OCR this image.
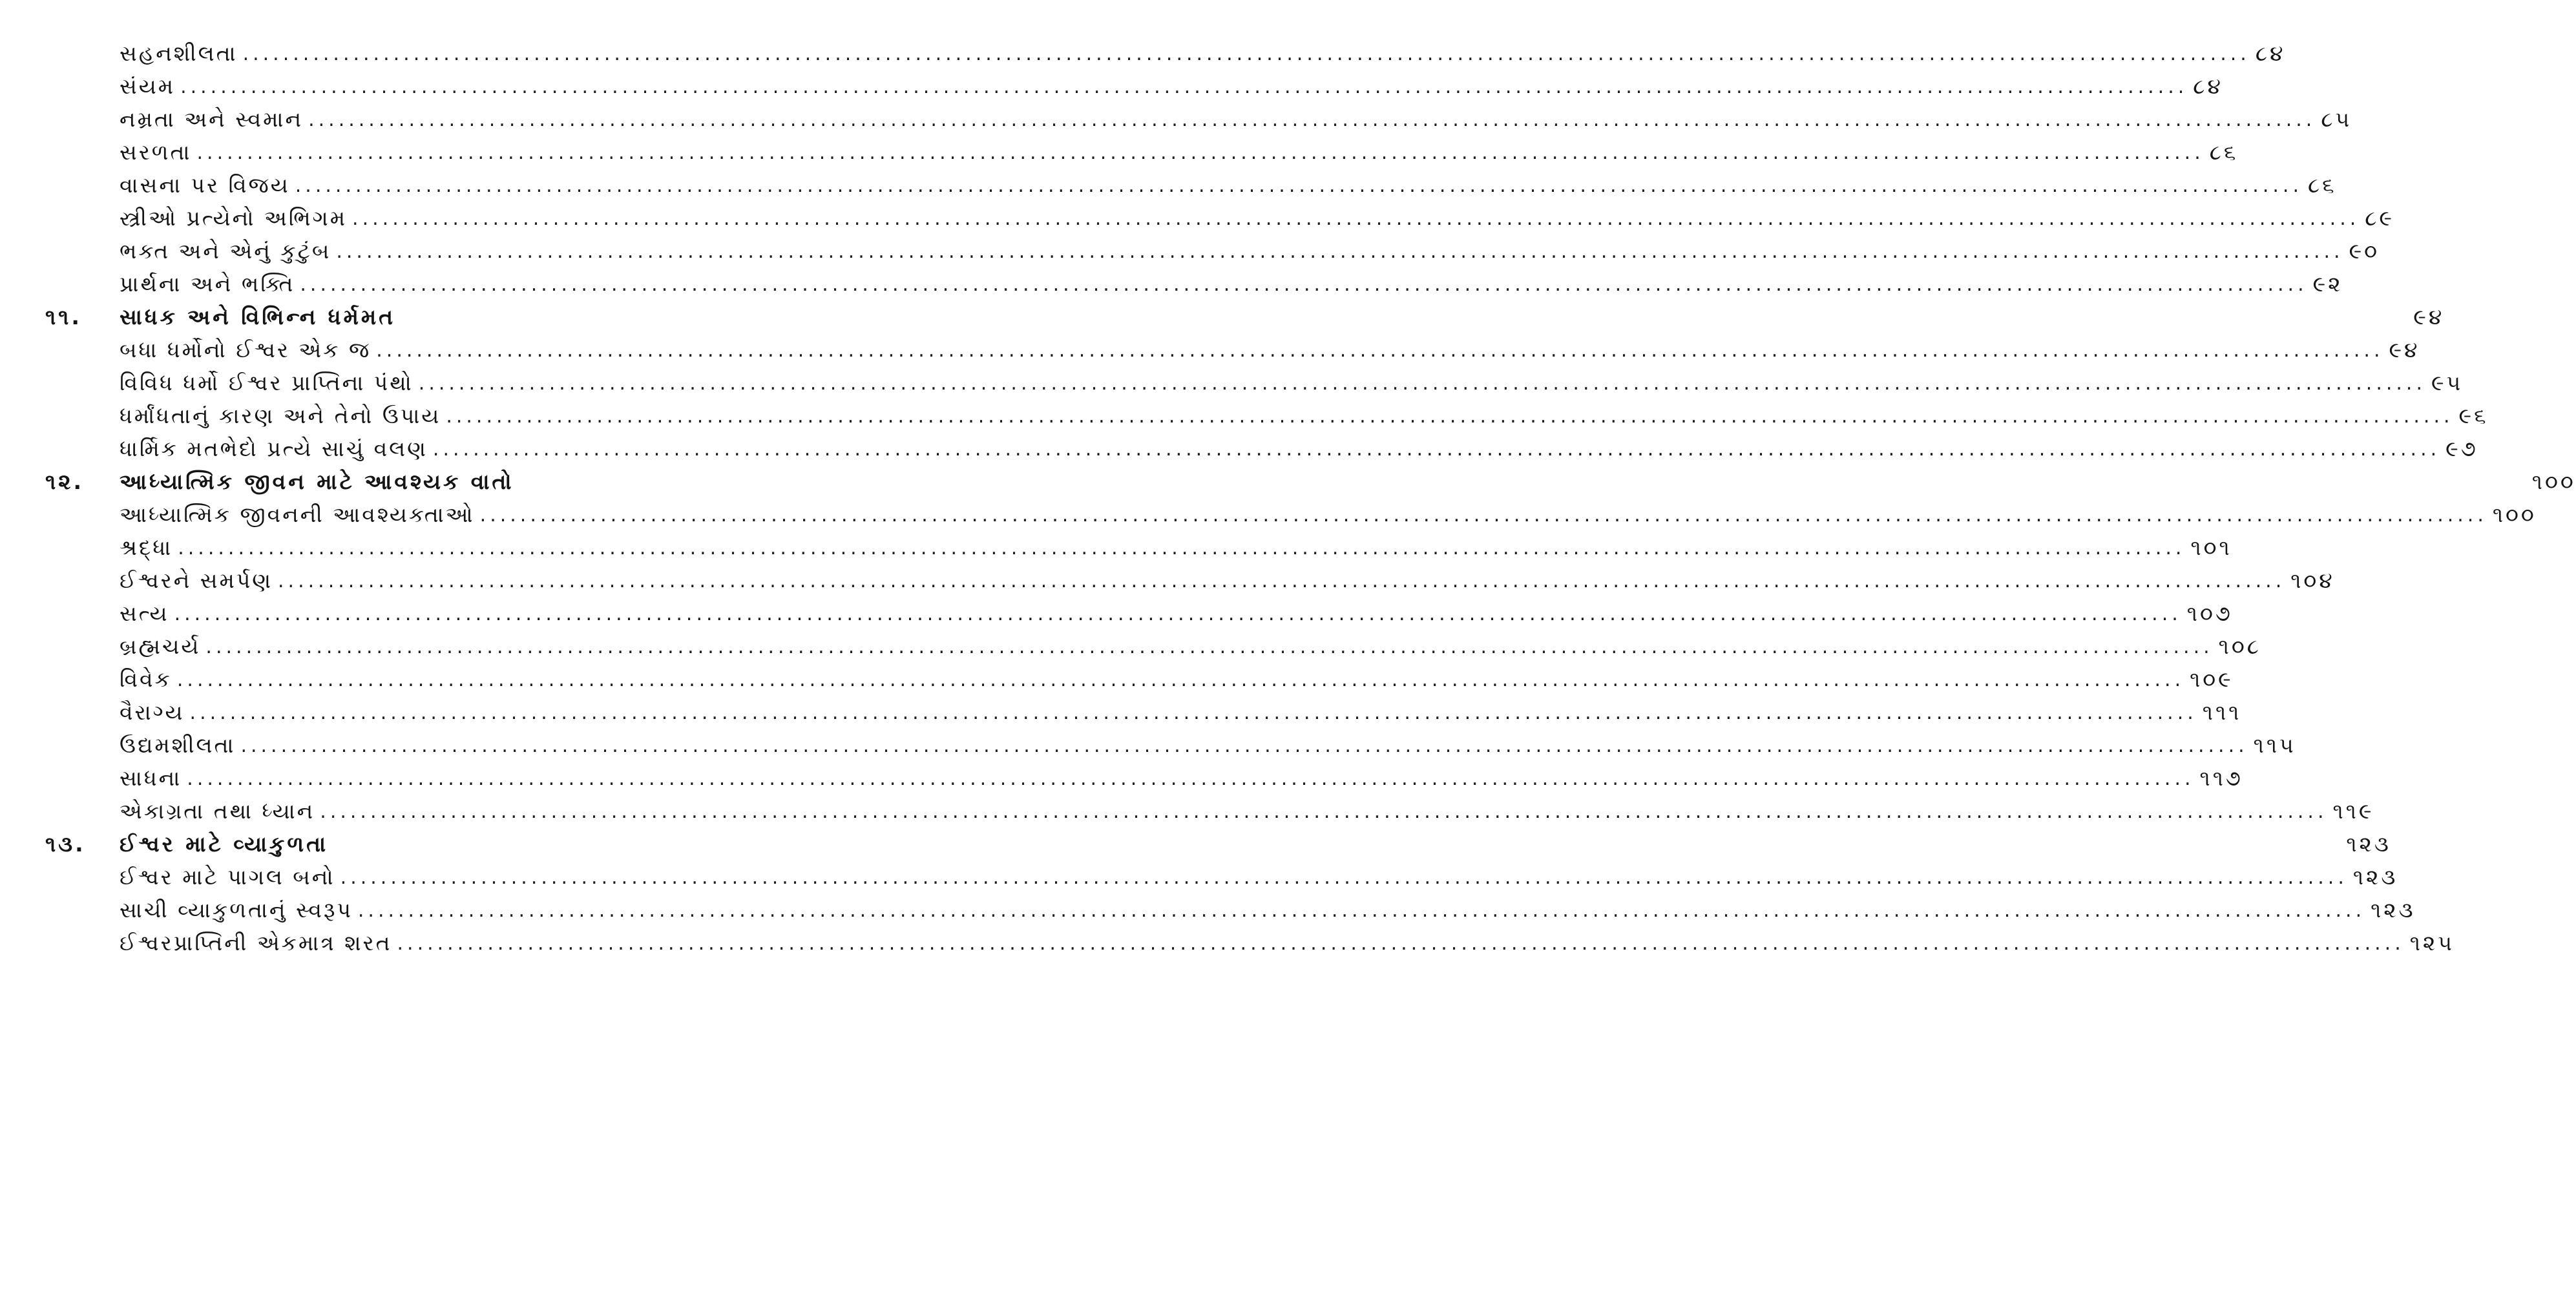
સહનશીલતા ........................................................................................................................................................................................................ ૮૪
સંયમ ........................................................................................................................................................................................................ ૮૪
નમ્રતા અને સ્વમાન ........................................................................................................................................................................................................ ૮૫
સરળતા ........................................................................................................................................................................................................ ૮૬
વાસના પર વિજય ........................................................................................................................................................................................................ ૮૬
સ્ત્રીઓ પ્રત્યેનો અભિગમ ........................................................................................................................................................................................................ ૮૯
ભક્ત અને એનું કુટુંબ ........................................................................................................................................................................................................ ૯૦
પ્રાર્થના અને ભક્તિ ........................................................................................................................................................................................................ ૯૨
૧૧.	સાધક અને વિભિન્ન ધર્મમત	૯૪
બધા ધર્મોનો ઈશ્વર એક જ ........................................................................................................................................................................................................ ૯૪
વિવિધ ધર્મો ઈશ્વર પ્રાપ્તિના પંથો ........................................................................................................................................................................................................ ૯૫
ધર્માંધતાનું કારણ અને તેનો ઉપાય ........................................................................................................................................................................................................ ૯૬
ધાર્મિક મતભેદો પ્રત્યે સાચું વલણ ........................................................................................................................................................................................................ ૯૭
૧૨.	આધ્યાત્મિક જીવન માટે આવશ્યક વાતો	૧૦૦
આધ્યાત્મિક જીવનની આવશ્યક્તાઓ ........................................................................................................................................................................................................ ૧૦૦
શ્રદ્ધા ........................................................................................................................................................................................................ ૧૦૧
ઈશ્વરને સમર્પણ ........................................................................................................................................................................................................ ૧૦૪
સત્ય ........................................................................................................................................................................................................ ૧૦૭
બ્રહ્મચર્ય ........................................................................................................................................................................................................ ૧૦૮
વિવેક ........................................................................................................................................................................................................ ૧૦૯
વૈરાગ્ય ........................................................................................................................................................................................................ ૧૧૧
ઉદ્યમશીલતા ........................................................................................................................................................................................................ ૧૧૫
સાધના ........................................................................................................................................................................................................ ૧૧૭
એકાગ્રતા તથા ધ્યાન ........................................................................................................................................................................................................ ૧૧૯
૧૩.	ઈશ્વર માટે વ્યાકુળતા	૧૨૩
ઈશ્વર માટે પાગલ બનો ........................................................................................................................................................................................................ ૧૨૩
સાચી વ્યાકુળતાનું સ્વરૂપ ........................................................................................................................................................................................................ ૧૨૩
ઈશ્વરપ્રાપ્તિની એકમાત્ર શરત ........................................................................................................................................................................................................ ૧૨૫
